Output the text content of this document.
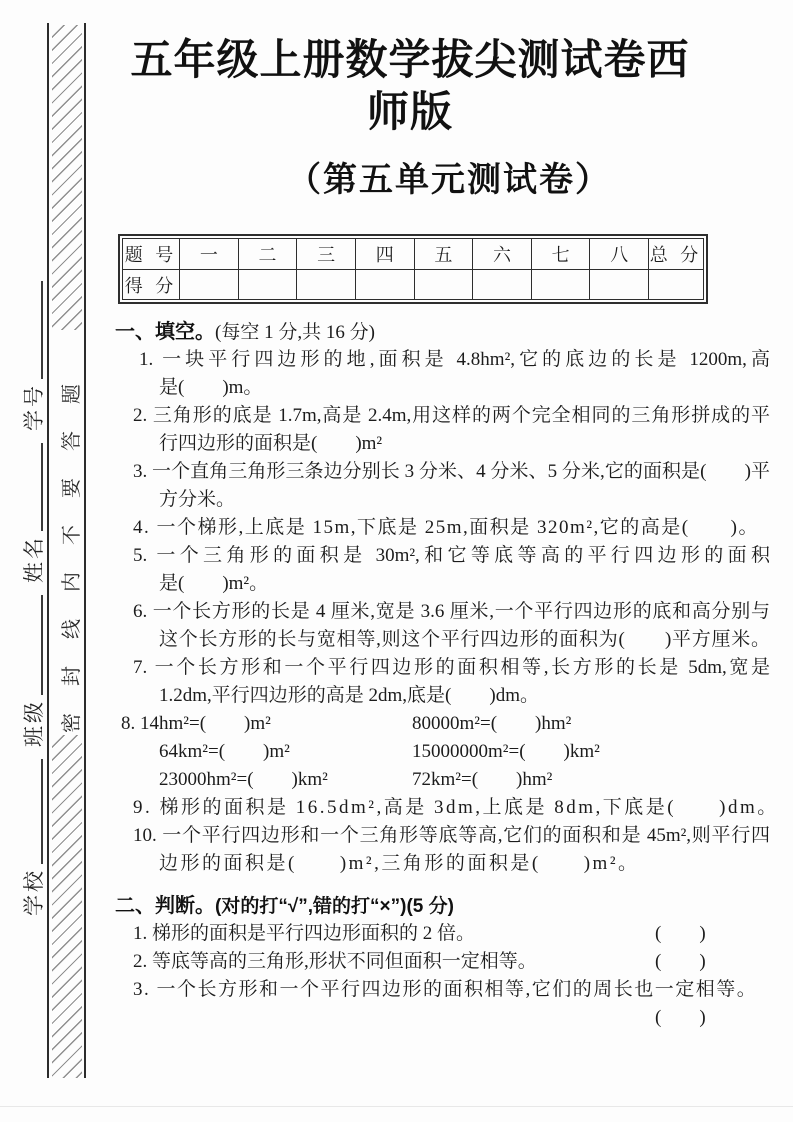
学校
班级
姓名
学号 密封线内不要答题
五年级上册数学拔尖测试卷西师版
（第五单元测试卷）
题 号	一	二	三	四	五	六	七	八	总 分
得 分									
一、填空。(每空 1 分,共 16 分)
1. 一块平行四边形的地,面积是 4.8hm²,它的底边的长是 1200m,高
是(　　)m。
2. 三角形的底是 1.7m,高是 2.4m,用这样的两个完全相同的三角形拼成的平
行四边形的面积是(　　)m²
3. 一个直角三角形三条边分别长 3 分米、4 分米、5 分米,它的面积是(　　)平
方分米。
4. 一个梯形,上底是 15m,下底是 25m,面积是 320m²,它的高是(　　)。
5. 一个三角形的面积是 30m²,和它等底等高的平行四边形的面积
是(　　)m²。
6. 一个长方形的长是 4 厘米,宽是 3.6 厘米,一个平行四边形的底和高分别与
这个长方形的长与宽相等,则这个平行四边形的面积为(　　)平方厘米。
7. 一个长方形和一个平行四边形的面积相等,长方形的长是 5dm,宽是
1.2dm,平行四边形的高是 2dm,底是(　　)dm。
8. 14hm²=(　　)m²	80000m²=(　　)hm²
64km²=(　　)m²	15000000m²=(　　)km²
23000hm²=(　　)km²	72km²=(　　)hm²
9. 梯形的面积是 16.5dm²,高是 3dm,上底是 8dm,下底是(　　)dm。
10. 一个平行四边形和一个三角形等底等高,它们的面积和是 45m²,则平行四
边形的面积是(　　)m²,三角形的面积是(　　)m²。
二、判断。(对的打“√”,错的打“×”)(5 分)
1. 梯形的面积是平行四边形面积的 2 倍。	(　　)
2. 等底等高的三角形,形状不同但面积一定相等。	(　　)
3. 一个长方形和一个平行四边形的面积相等,它们的周长也一定相等。
(　　)
